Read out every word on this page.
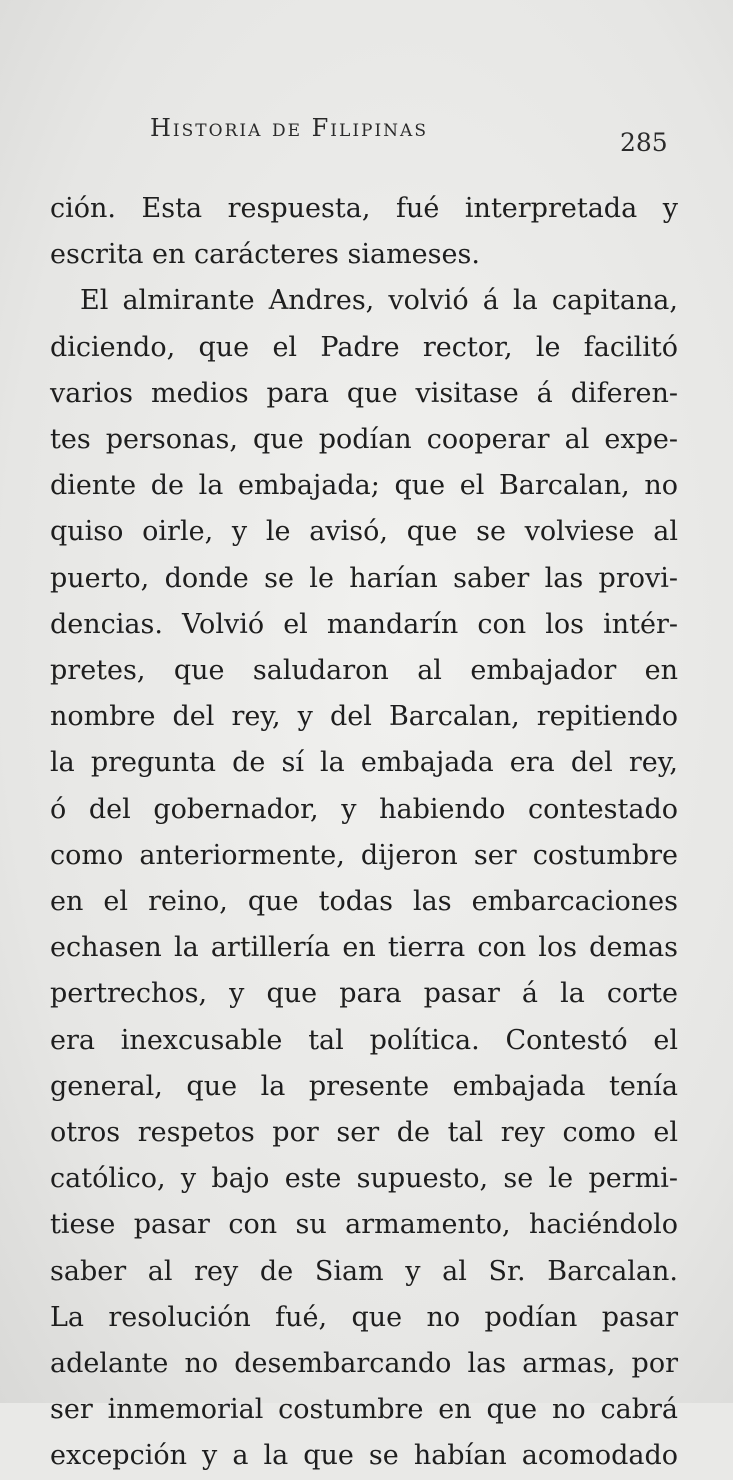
Historia de Filipinas	285
ción. Esta respuesta, fué interpretada y
escrita en carácteres siameses.
El almirante Andres, volvió á la capitana,
diciendo, que el Padre rector, le facilitó
varios medios para que visitase á diferen-
tes personas, que podían cooperar al expe-
diente de la embajada; que el Barcalan, no
quiso oirle, y le avisó, que se volviese al
puerto, donde se le harían saber las provi-
dencias. Volvió el mandarín con los intér-
pretes, que saludaron al embajador en
nombre del rey, y del Barcalan, repitiendo
la pregunta de sí la embajada era del rey,
ó del gobernador, y habiendo contestado
como anteriormente, dijeron ser costumbre
en el reino, que todas las embarcaciones
echasen la artillería en tierra con los demas
pertrechos, y que para pasar á la corte
era inexcusable tal política. Contestó el
general, que la presente embajada tenía
otros respetos por ser de tal rey como el
católico, y bajo este supuesto, se le permi-
tiese pasar con su armamento, haciéndolo
saber al rey de Siam y al Sr. Barcalan.
La resolución fué, que no podían pasar
adelante no desembarcando las armas, por
ser inmemorial costumbre en que no cabrá
excepción y a la que se habían acomodado
